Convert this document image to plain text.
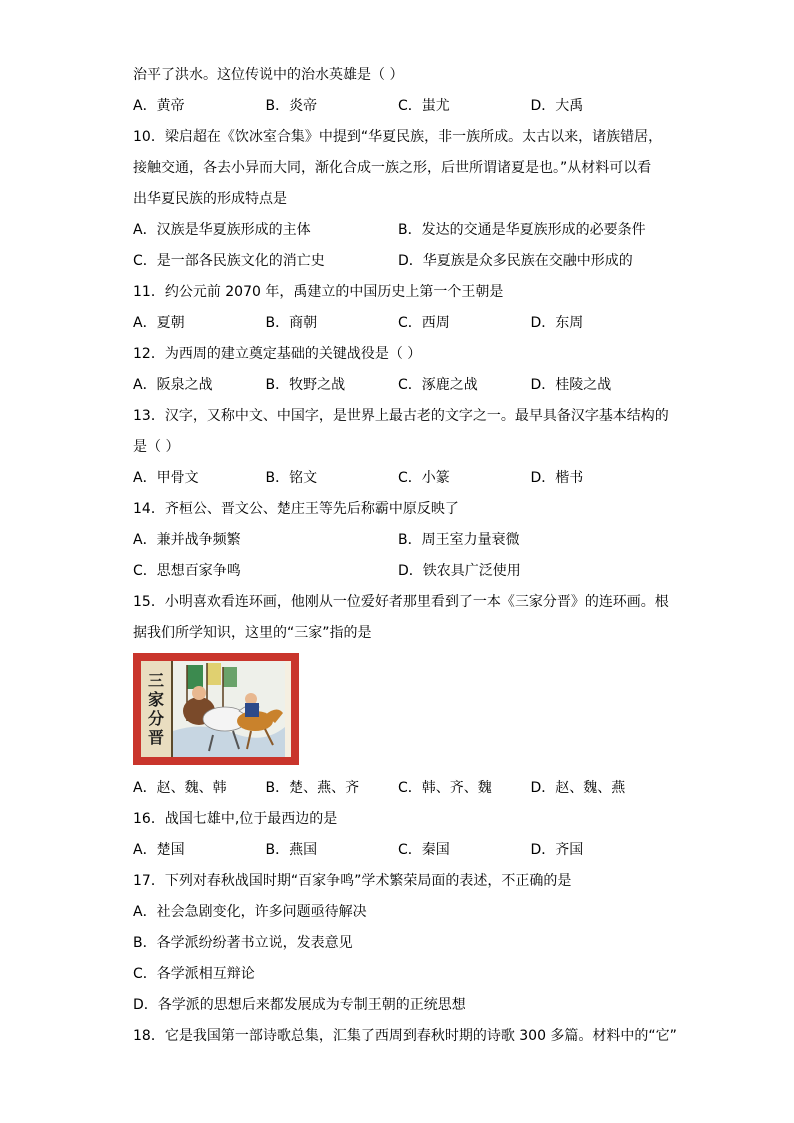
治平了洪水。这位传说中的治水英雄是（ ）
A．黄帝	B．炎帝	C．蚩尤	D．大禹
10．梁启超在《饮冰室合集》中提到“华夏民族，非一族所成。太古以来，诸族错居，
接触交通，各去小异而大同，渐化合成一族之形，后世所谓诸夏是也。”从材料可以看
出华夏民族的形成特点是
A．汉族是华夏族形成的主体	B．发达的交通是华夏族形成的必要条件
C．是一部各民族文化的消亡史	D．华夏族是众多民族在交融中形成的
11．约公元前 2070 年，禹建立的中国历史上第一个王朝是
A．夏朝	B．商朝	C．西周	D．东周
12．为西周的建立奠定基础的关键战役是（ ）
A．阪泉之战	B．牧野之战	C．涿鹿之战	D．桂陵之战
13．汉字，又称中文、中国字，是世界上最古老的文字之一。最早具备汉字基本结构的
是（ ）
A．甲骨文	B．铭文	C．小篆	D．楷书
14．齐桓公、晋文公、楚庄王等先后称霸中原反映了
A．兼并战争频繁	B．周王室力量衰微
C．思想百家争鸣	D．铁农具广泛使用
15．小明喜欢看连环画，他刚从一位爱好者那里看到了一本《三家分晋》的连环画。根
据我们所学知识，这里的“三家”指的是
三
家
分
晋
A．赵、魏、韩	B．楚、燕、齐	C．韩、齐、魏	D．赵、魏、燕
16．战国七雄中,位于最西边的是
A．楚国	B．燕国	C．秦国	D．齐国
17．下列对春秋战国时期“百家争鸣”学术繁荣局面的表述，不正确的是
A．社会急剧变化，许多问题亟待解决
B．各学派纷纷著书立说，发表意见
C．各学派相互辩论
D．各学派的思想后来都发展成为专制王朝的正统思想
18．它是我国第一部诗歌总集，汇集了西周到春秋时期的诗歌 300 多篇。材料中的“它”
